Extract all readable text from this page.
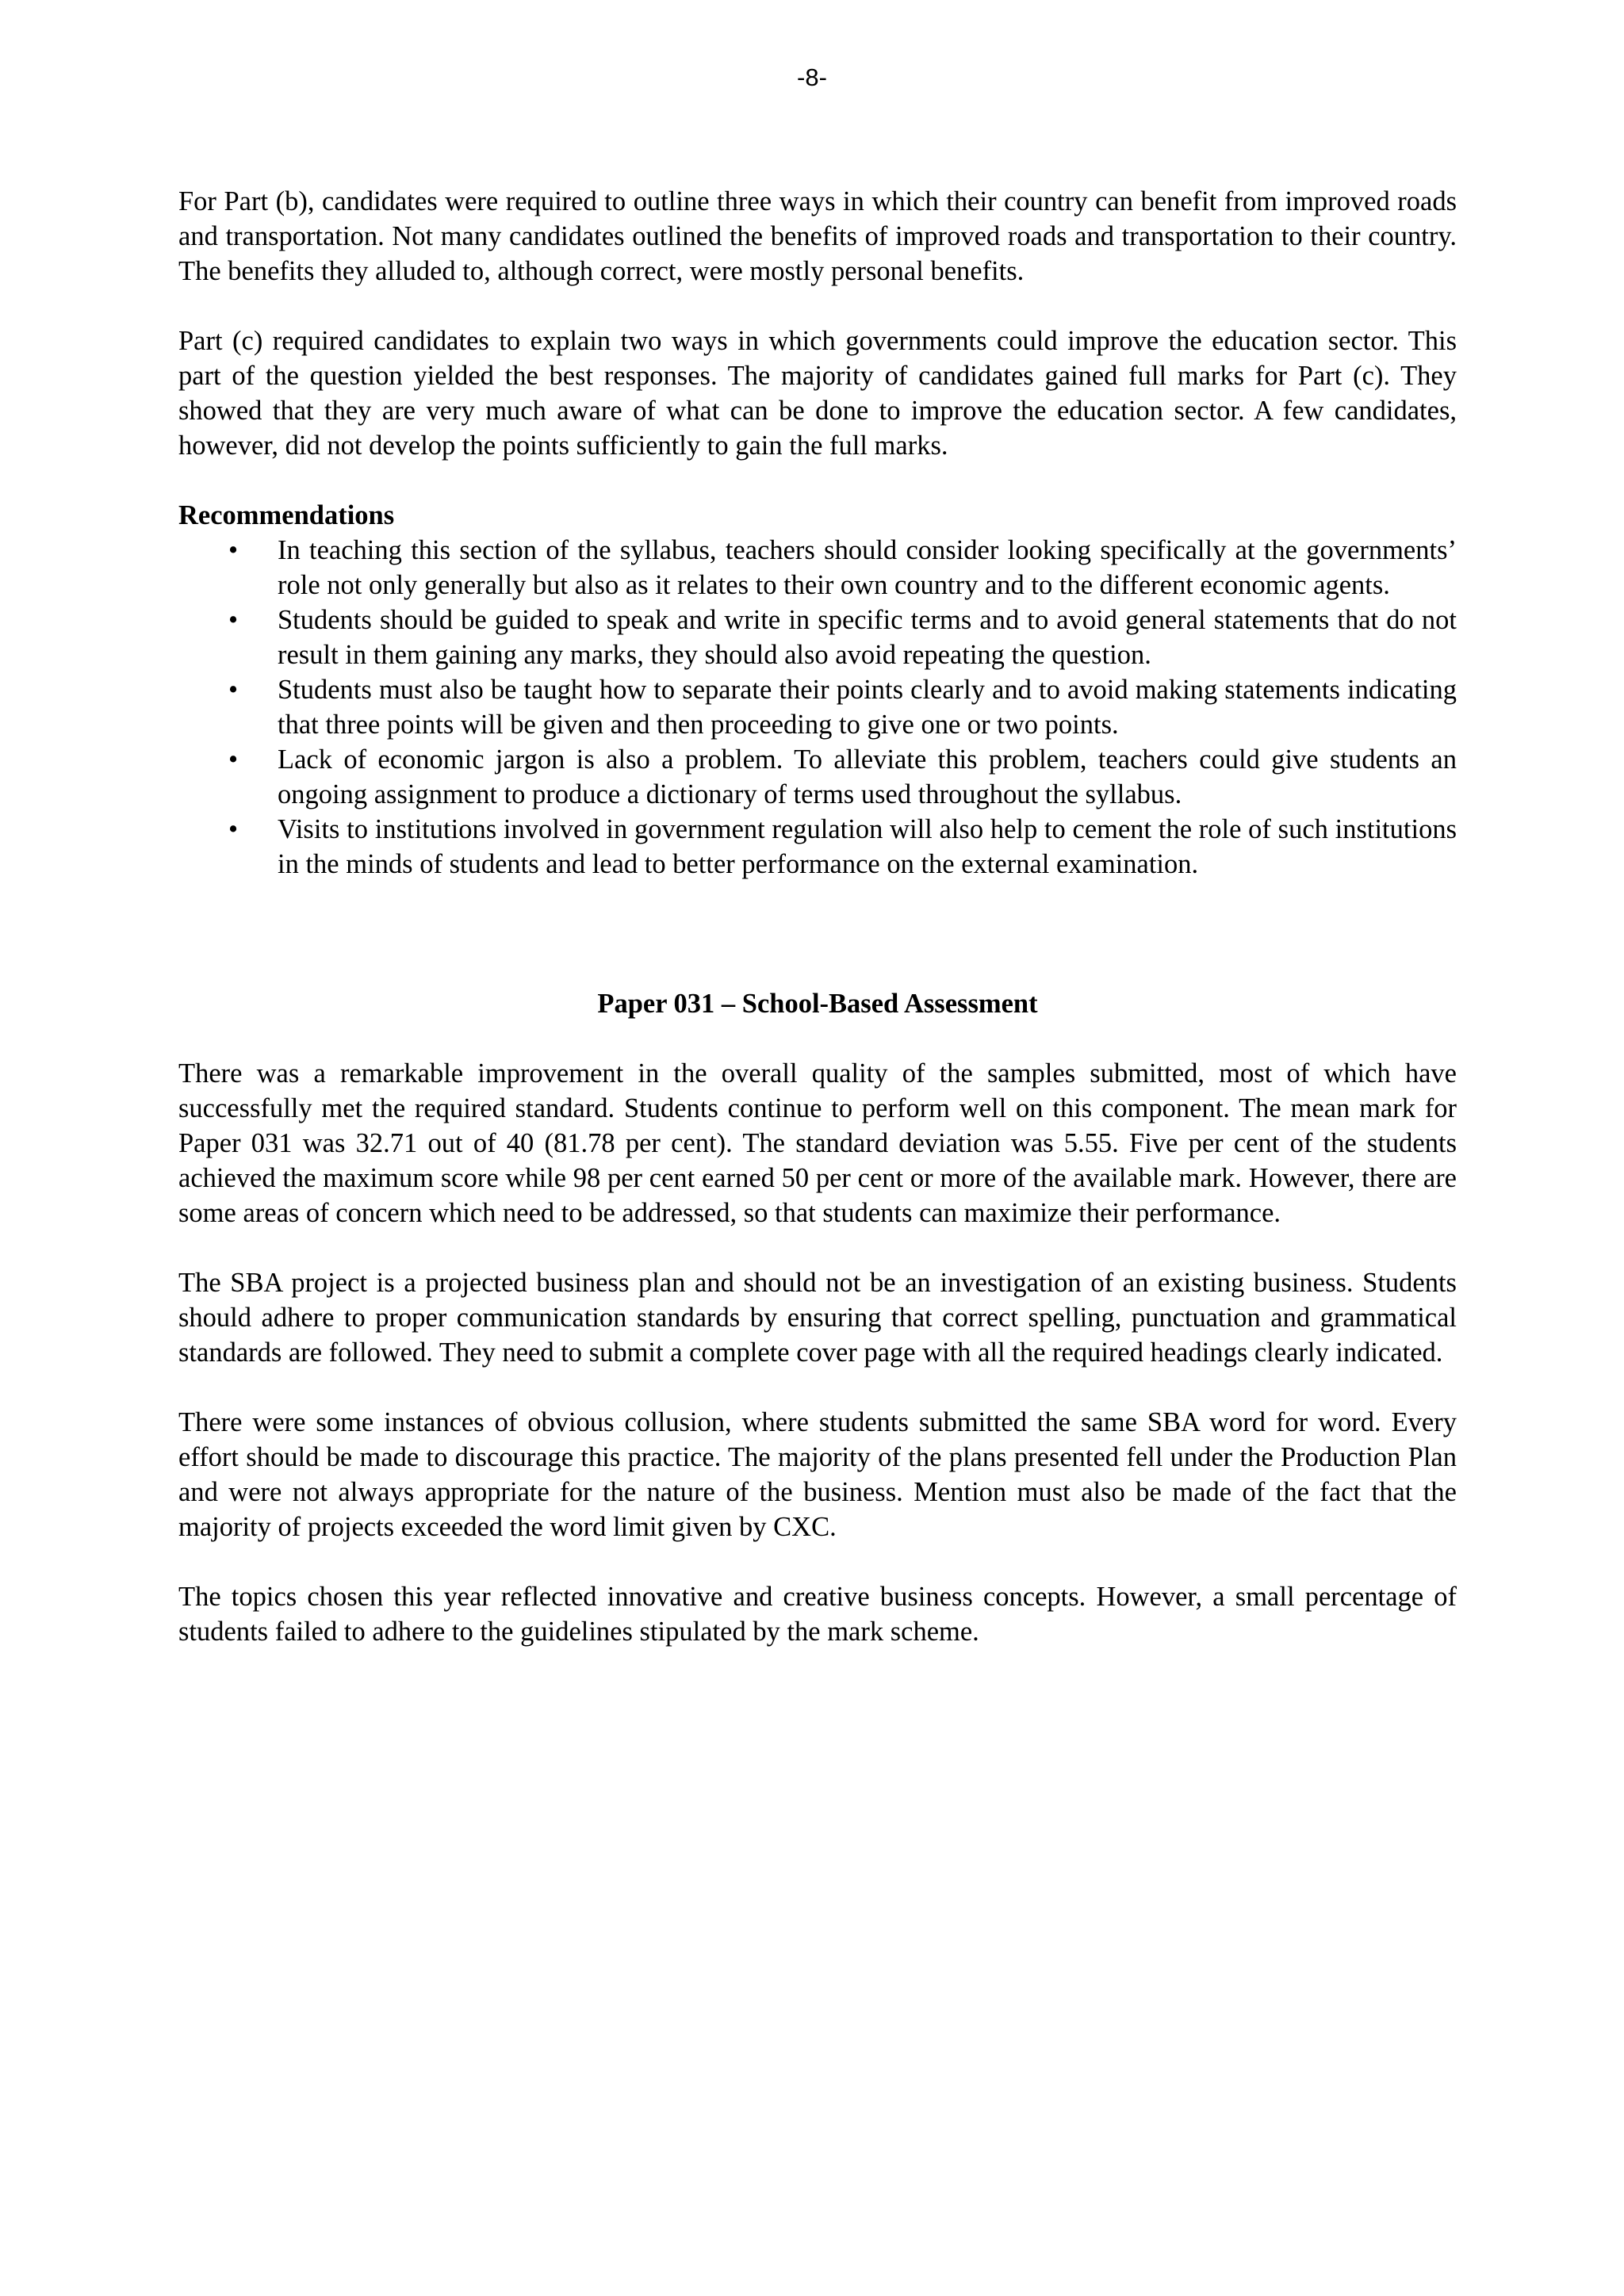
-8-

For Part (b), candidates were required to outline three ways in which their country can benefit from improved roads and transportation. Not many candidates outlined the benefits of improved roads and transportation to their country. The benefits they alluded to, although correct, were mostly personal benefits.

Part (c) required candidates to explain two ways in which governments could improve the education sector. This part of the question yielded the best responses. The majority of candidates gained full marks for Part (c). They showed that they are very much aware of what can be done to improve the education sector. A few candidates, however, did not develop the points sufficiently to gain the full marks.

Recommendations
• In teaching this section of the syllabus, teachers should consider looking specifically at the governments’ role not only generally but also as it relates to their own country and to the different economic agents.
• Students should be guided to speak and write in specific terms and to avoid general statements that do not result in them gaining any marks, they should also avoid repeating the question.
• Students must also be taught how to separate their points clearly and to avoid making statements indicating that three points will be given and then proceeding to give one or two points.
• Lack of economic jargon is also a problem. To alleviate this problem, teachers could give students an ongoing assignment to produce a dictionary of terms used throughout the syllabus.
• Visits to institutions involved in government regulation will also help to cement the role of such institutions in the minds of students and lead to better performance on the external examination.
Paper 031 – School-Based Assessment

There was a remarkable improvement in the overall quality of the samples submitted, most of which have successfully met the required standard. Students continue to perform well on this component. The mean mark for Paper 031 was 32.71 out of 40 (81.78 per cent). The standard deviation was 5.55. Five per cent of the students achieved the maximum score while 98 per cent earned 50 per cent or more of the available mark. However, there are some areas of concern which need to be addressed, so that students can maximize their performance.

The SBA project is a projected business plan and should not be an investigation of an existing business. Students should adhere to proper communication standards by ensuring that correct spelling, punctuation and grammatical standards are followed. They need to submit a complete cover page with all the required headings clearly indicated.

There were some instances of obvious collusion, where students submitted the same SBA word for word. Every effort should be made to discourage this practice. The majority of the plans presented fell under the Production Plan and were not always appropriate for the nature of the business. Mention must also be made of the fact that the majority of projects exceeded the word limit given by CXC.

The topics chosen this year reflected innovative and creative business concepts. However, a small percentage of students failed to adhere to the guidelines stipulated by the mark scheme.
